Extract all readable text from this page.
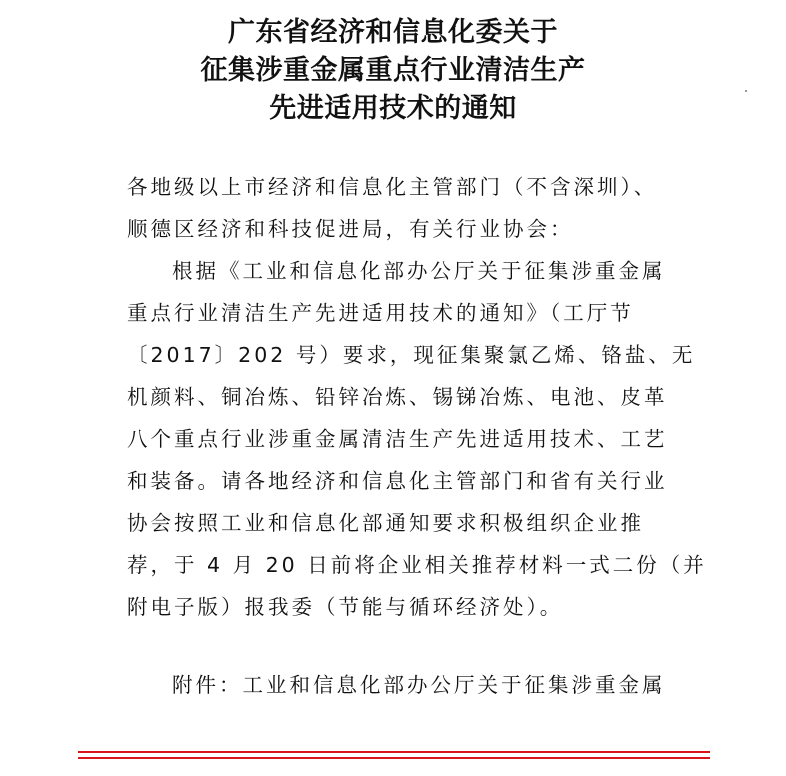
广东省经济和信息化委关于
征集涉重金属重点行业清洁生产
先进适用技术的通知
各地级以上市经济和信息化主管部门（不含深圳）、
顺德区经济和科技促进局，有关行业协会：
根据《工业和信息化部办公厅关于征集涉重金属
重点行业清洁生产先进适用技术的通知》（工厅节
〔2017〕202 号）要求，现征集聚氯乙烯、铬盐、无
机颜料、铜冶炼、铅锌冶炼、锡锑冶炼、电池、皮革
八个重点行业涉重金属清洁生产先进适用技术、工艺
和装备。请各地经济和信息化主管部门和省有关行业
协会按照工业和信息化部通知要求积极组织企业推
荐，于 4 月 20 日前将企业相关推荐材料一式二份（并
附电子版）报我委（节能与循环经济处）。
附件：工业和信息化部办公厅关于征集涉重金属
